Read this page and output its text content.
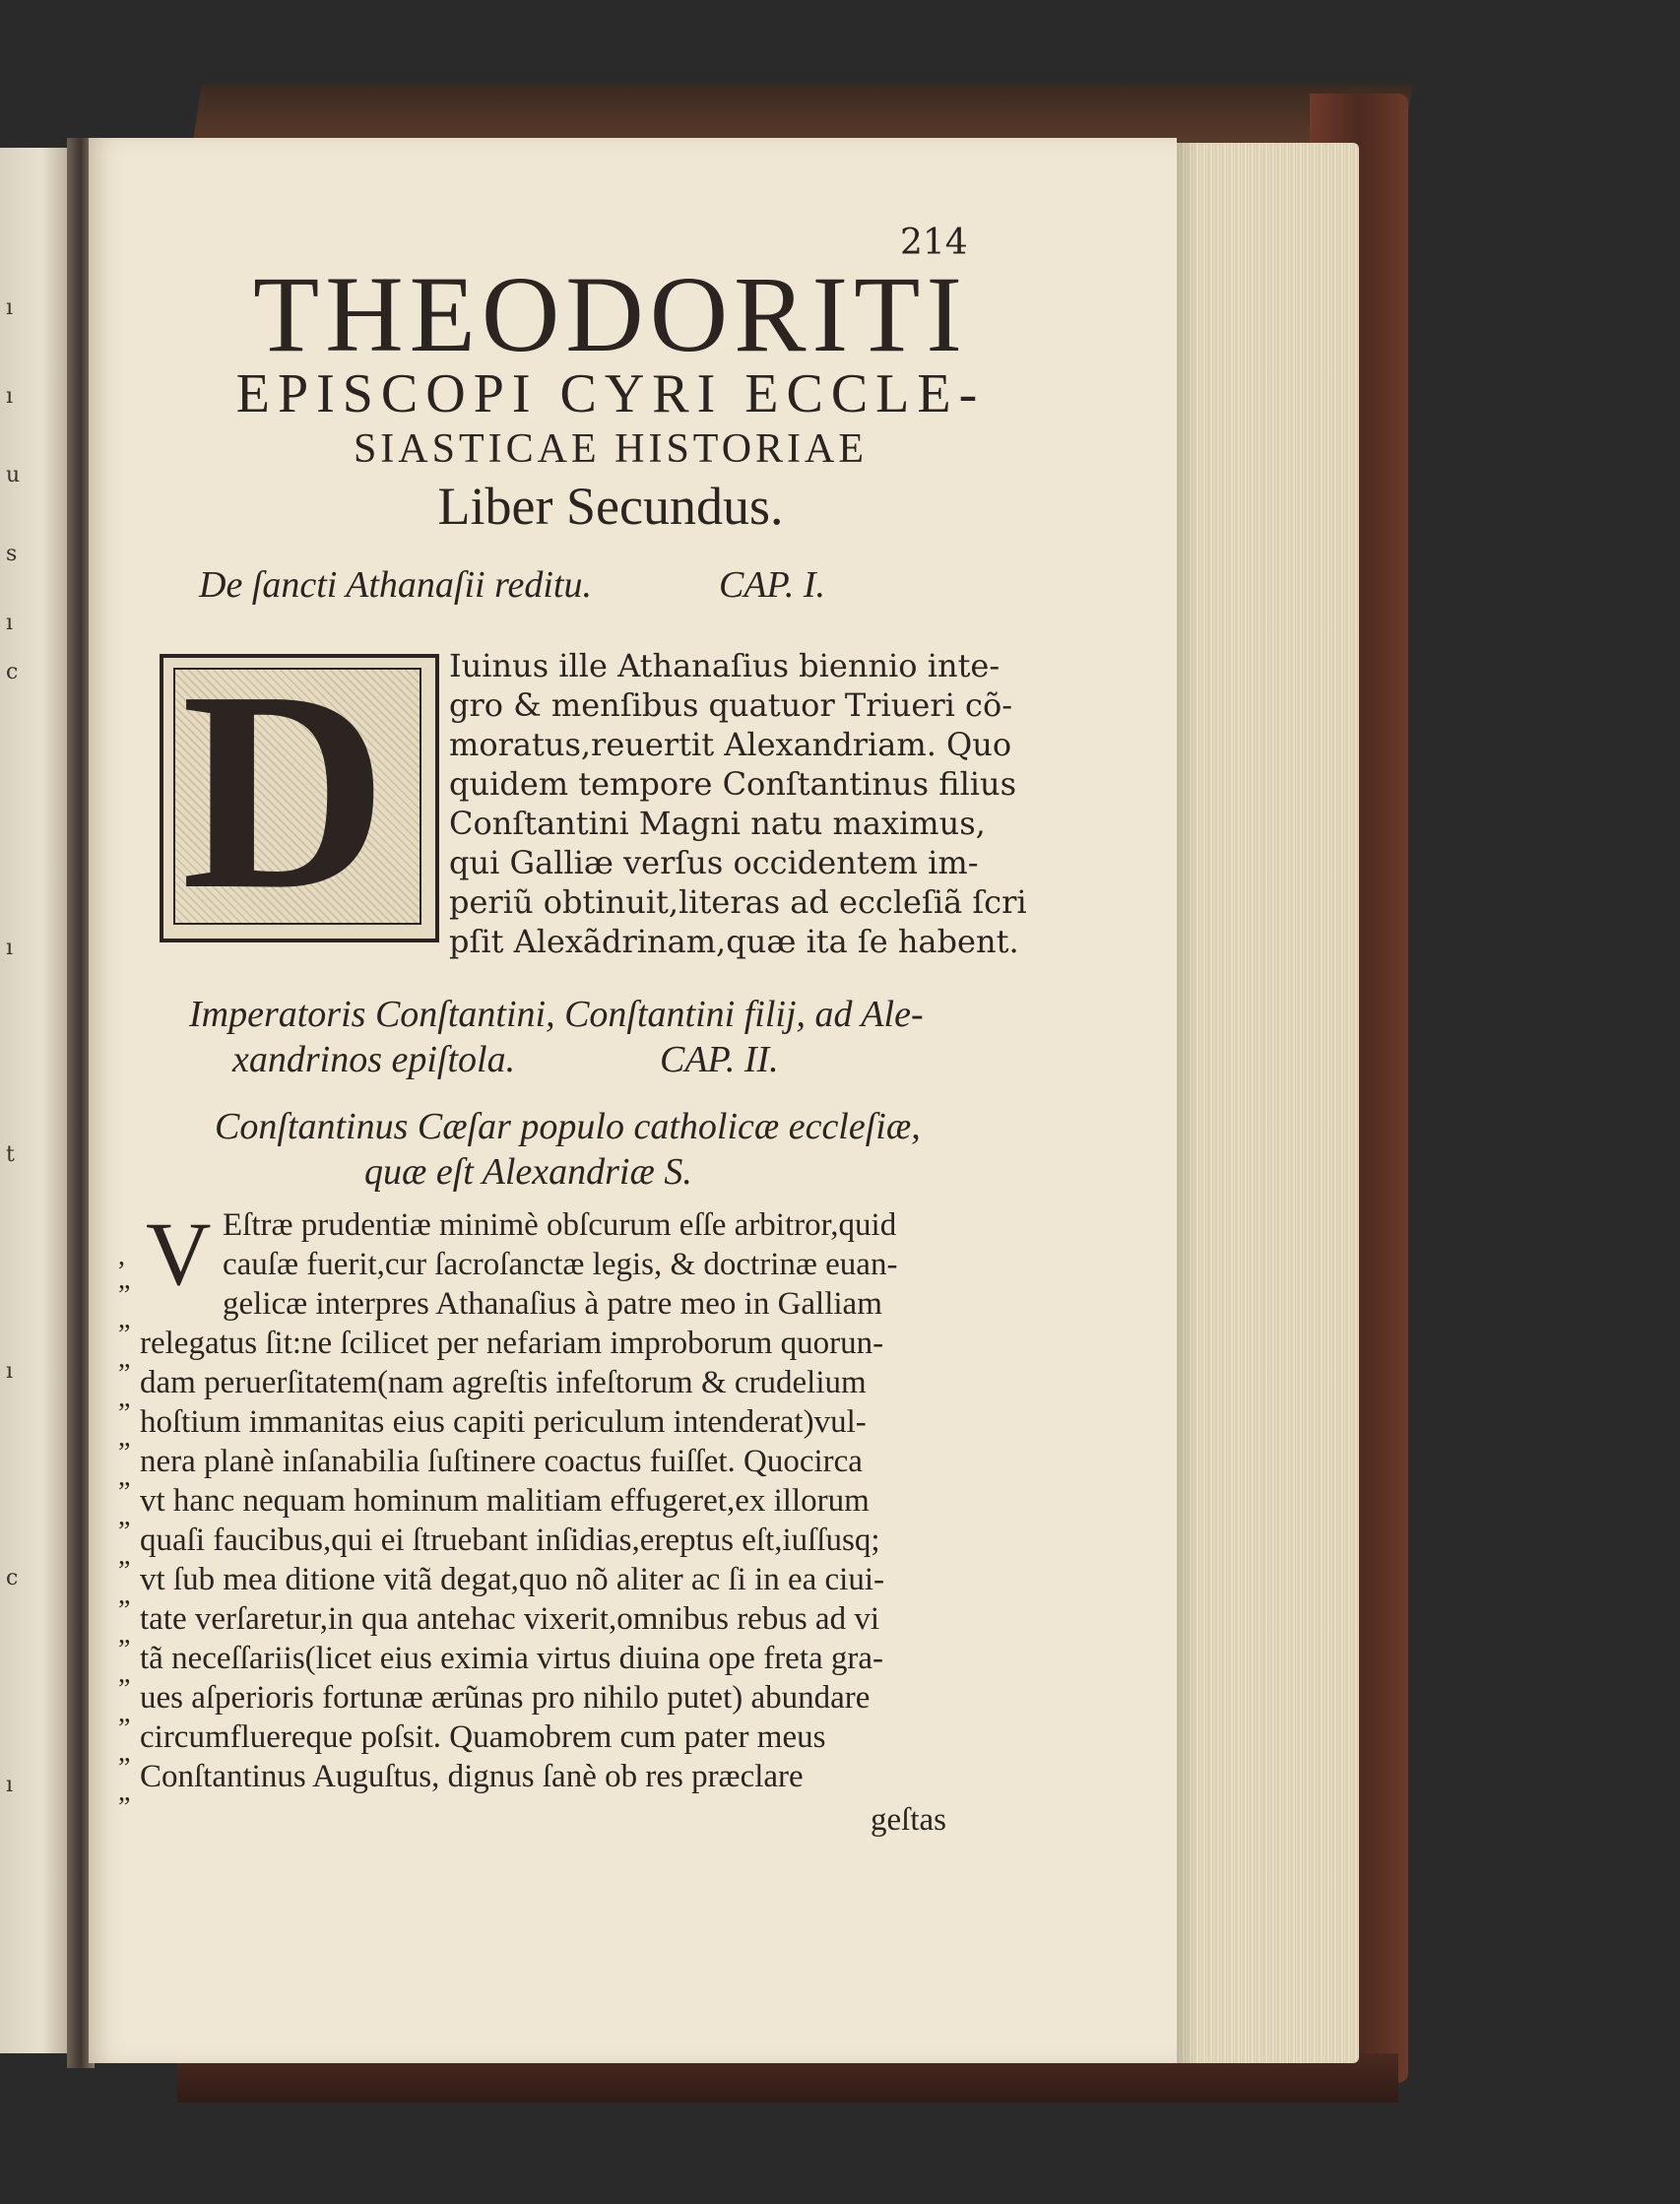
ı
ı
u
s
ı
c
ı
t
ı
c
ı
214
THEODORITI
EPISCOPI CYRI ECCLE-
SIASTICAE HISTORIAE
Liber Secundus.
De ſancti Athanaſii reditu.	CAP. I.
D Iuinus ille Athanaſius biennio inte-
gro & menſibus quatuor Triueri cõ-
moratus,reuertit Alexandriam. Quo
quidem tempore Conſtantinus filius
Conſtantini Magni natu maximus,
qui Galliæ verſus occidentem im-
periũ obtinuit,literas ad eccleſiã ſcri
pſit Alexãdrinam,quæ ita ſe habent.
Imperatoris Conſtantini, Conſtantini filij, ad Ale-
xandrinos epiſtola.	CAP. II.
Conſtantinus Cæſar populo catholicæ eccleſiæ,
quæ eſt Alexandriæ S.
V Eſtræ prudentiæ minimè obſcurum eſſe arbitror,quid
cauſæ fuerit,cur ſacroſanctæ legis, & doctrinæ euan-
gelicæ interpres Athanaſius à patre meo in Galliam
relegatus ſit:ne ſcilicet per nefariam improborum quorun-
dam peruerſitatem(nam agreſtis infeſtorum & crudelium
hoſtium immanitas eius capiti periculum intenderat)vul-
nera planè inſanabilia ſuſtinere coactus fuiſſet. Quocirca
vt hanc nequam hominum malitiam effugeret,ex illorum
quaſi faucibus,qui ei ſtruebant inſidias,ereptus eſt,iuſſusq;
vt ſub mea ditione vitã degat,quo nõ aliter ac ſi in ea ciui-
tate verſaretur,in qua antehac vixerit,omnibus rebus ad vi
tã neceſſariis(licet eius eximia virtus diuina ope freta gra-
ues aſperioris fortunæ ærũnas pro nihilo putet) abundare
circumfluereque poſsit. Quamobrem cum pater meus
Conſtantinus Auguſtus, dignus ſanè ob res præclare
geſtas
,
”
”
”
”
”
”
”
”
”
”
”
”
”
”
